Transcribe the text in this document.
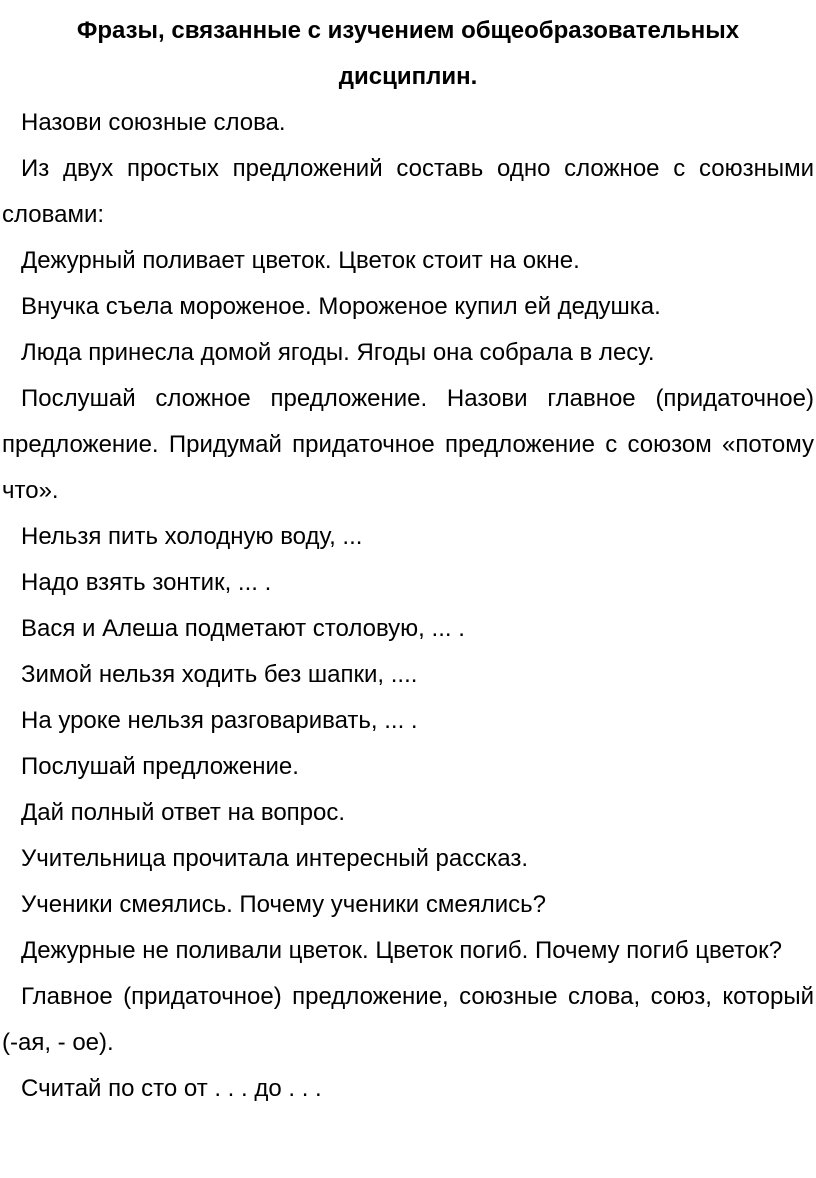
Фразы, связанные с изучением общеобразовательных дисциплин.

Назови союзные слова.

Из двух простых предложений составь одно сложное с союзными словами:

Дежурный поливает цветок. Цветок стоит на окне.

Внучка съела мороженое. Мороженое купил ей дедушка.

Люда принесла домой ягоды. Ягоды она собрала в лесу.

Послушай сложное предложение. Назови главное (придаточное) предложение. Придумай придаточное предложение с союзом «потому что».

Нельзя пить холодную воду, ...

Надо взять зонтик, ... .

Вася и Алеша подметают столовую, ... .

Зимой нельзя ходить без шапки, ....

На уроке нельзя разговаривать, ... .

Послушай предложение.

Дай полный ответ на вопрос.

Учительница прочитала интересный рассказ.

Ученики смеялись. Почему ученики смеялись?

Дежурные не поливали цветок. Цветок погиб. Почему погиб цветок?

Главное (придаточное) предложение, союзные слова, союз, который (-ая, - ое).

Считай по сто от . . . до . . .
